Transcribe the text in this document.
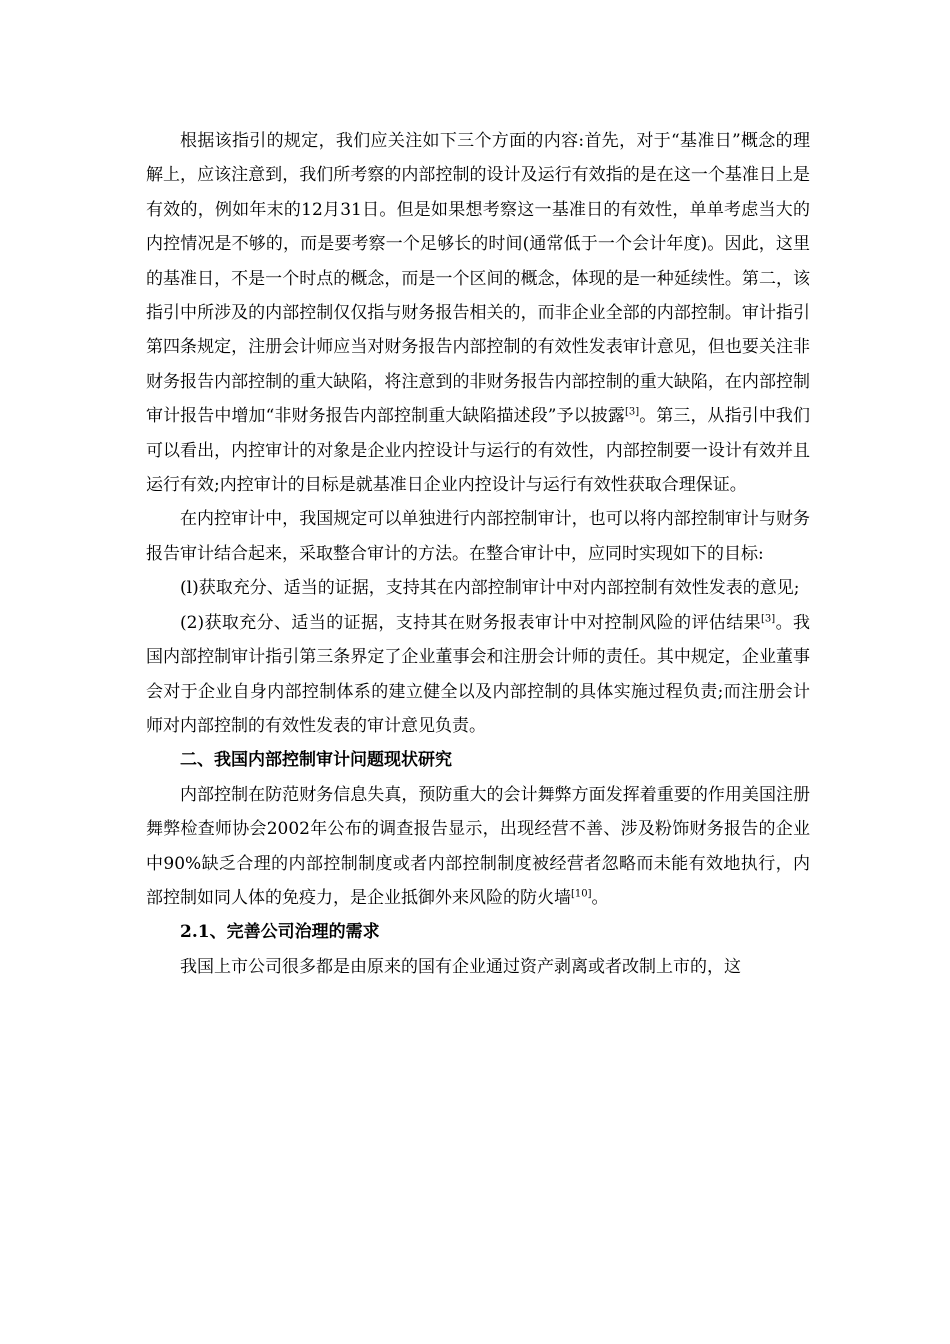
根据该指引的规定，我们应关注如下三个方面的内容:首先，对于“基准日”概念的理解上，应该注意到，我们所考察的内部控制的设计及运行有效指的是在这一个基准日上是有效的，例如年末的12月31日。但是如果想考察这一基准日的有效性，单单考虑当大的内控情况是不够的，而是要考察一个足够长的时间(通常低于一个会计年度)。因此，这里的基准日，不是一个时点的概念，而是一个区间的概念，体现的是一种延续性。第二，该指引中所涉及的内部控制仅仅指与财务报告相关的，而非企业全部的内部控制。审计指引第四条规定，注册会计师应当对财务报告内部控制的有效性发表审计意见，但也要关注非财务报告内部控制的重大缺陷，将注意到的非财务报告内部控制的重大缺陷，在内部控制审计报告中增加“非财务报告内部控制重大缺陷描述段”予以披露[3]。第三，从指引中我们可以看出，内控审计的对象是企业内控设计与运行的有效性，内部控制要一设计有效并且运行有效;内控审计的目标是就基准日企业内控设计与运行有效性获取合理保证。

在内控审计中，我国规定可以单独进行内部控制审计，也可以将内部控制审计与财务报告审计结合起来，采取整合审计的方法。在整合审计中，应同时实现如下的目标:

(l)获取充分、适当的证据，支持其在内部控制审计中对内部控制有效性发表的意见;

(2)获取充分、适当的证据，支持其在财务报表审计中对控制风险的评估结果[3]。我国内部控制审计指引第三条界定了企业董事会和注册会计师的责任。其中规定，企业董事会对于企业自身内部控制体系的建立健全以及内部控制的具体实施过程负责;而注册会计师对内部控制的有效性发表的审计意见负责。

二、我国内部控制审计问题现状研究

内部控制在防范财务信息失真，预防重大的会计舞弊方面发挥着重要的作用美国注册舞弊检查师协会2002年公布的调查报告显示，出现经营不善、涉及粉饰财务报告的企业中90%缺乏合理的内部控制制度或者内部控制制度被经营者忽略而未能有效地执行，内部控制如同人体的免疫力，是企业抵御外来风险的防火墙[10]。

2.1、完善公司治理的需求

我国上市公司很多都是由原来的国有企业通过资产剥离或者改制上市的，这
